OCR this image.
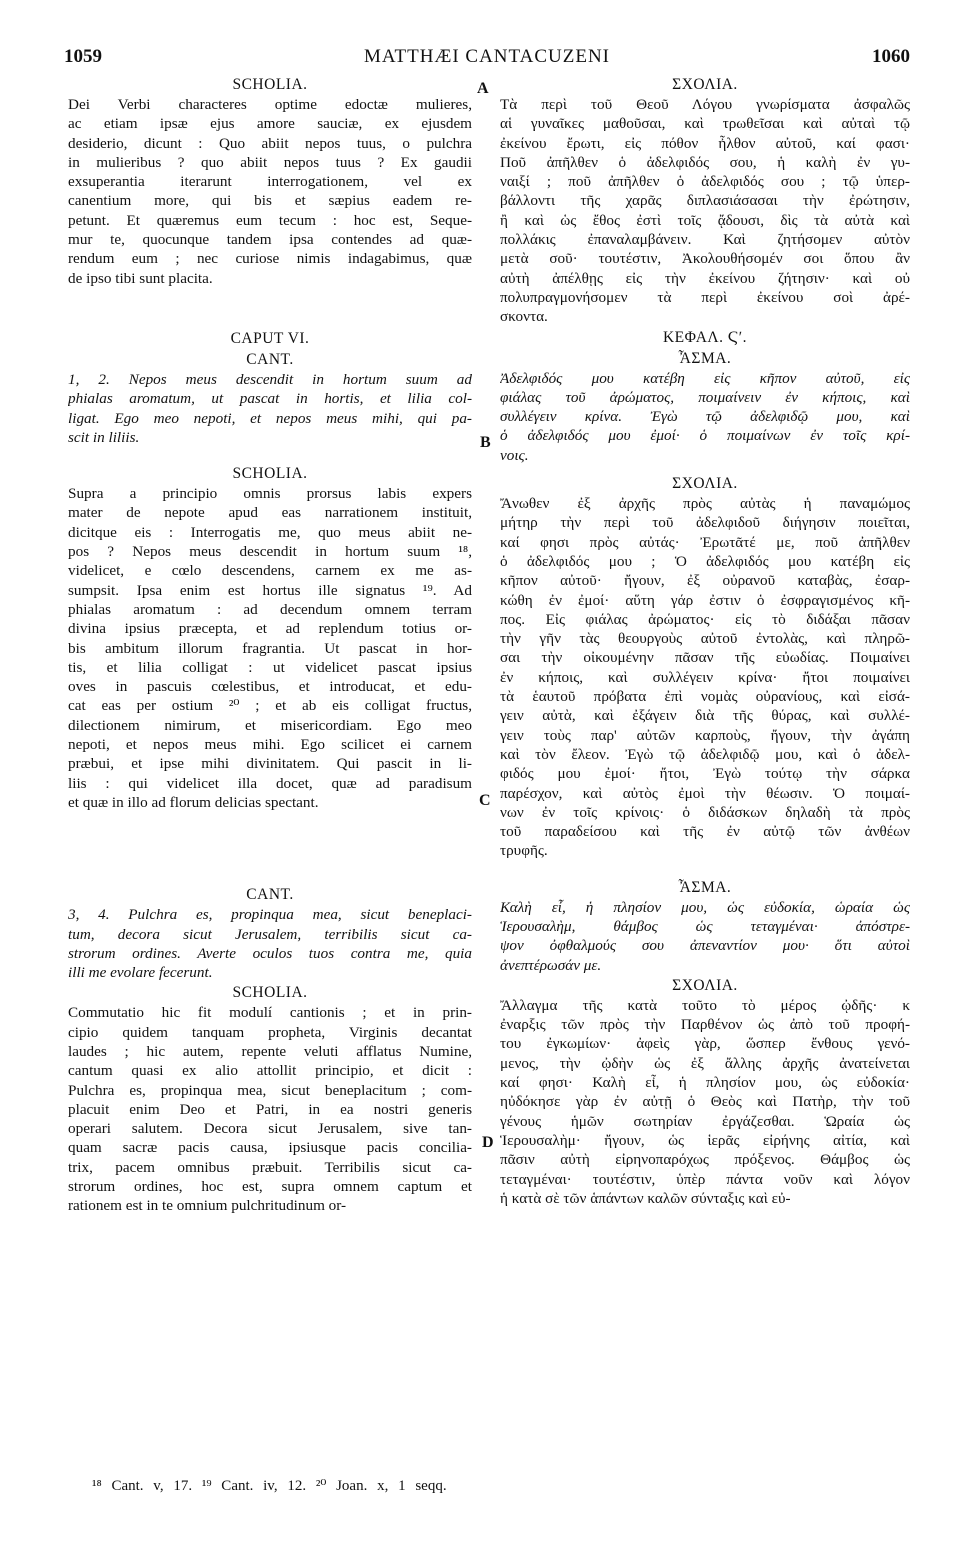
1059	MATTHÆI CANTACUZENI	1060
A
B
C
D
SCHOLIA.
Dei Verbi characteres optime edoctæ mulieres,
ac etiam ipsæ ejus amore sauciæ, ex ejusdem
desiderio, dicunt : Quo abiit nepos tuus, o pulchra
in mulieribus ? quo abiit nepos tuus ? Ex gaudii
exsuperantia iterarunt interrogationem, vel ex
canentium more, qui bis et sæpius eadem re-
petunt. Et quæremus eum tecum : hoc est, Seque-
mur te, quocunque tandem ipsa contendes ad quæ-
rendum eum ; nec curiose nimis indagabimus, quæ
de ipso tibi sunt placita.
CAPUT VI.
CANT.
1, 2. Nepos meus descendit in hortum suum ad
phialas aromatum, ut pascat in hortis, et lilia col-
ligat. Ego meo nepoti, et nepos meus mihi, qui pa-
scit in liliis.
SCHOLIA.
Supra a principio omnis prorsus labis expers
mater de nepote apud eas narrationem instituit,
dicitque eis : Interrogatis me, quo meus abiit ne-
pos ? Nepos meus descendit in hortum suum ¹⁸,
videlicet, e cœlo descendens, carnem ex me as-
sumpsit. Ipsa enim est hortus ille signatus ¹⁹. Ad
phialas aromatum : ad decendum omnem terram
divina ipsius præcepta, et ad replendum totius or-
bis ambitum illorum fragrantia. Ut pascat in hor-
tis, et lilia colligat : ut videlicet pascat ipsius
oves in pascuis cœlestibus, et introducat, et edu-
cat eas per ostium ²⁰ ; et ab eis colligat fructus,
dilectionem nimirum, et misericordiam. Ego meo
nepoti, et nepos meus mihi. Ego scilicet ei carnem
præbui, et ipse mihi divinitatem. Qui pascit in li-
liis : qui videlicet illa docet, quæ ad paradisum
et quæ in illo ad florum delicias spectant.
CANT.
3, 4. Pulchra es, propinqua mea, sicut beneplaci-
tum, decora sicut Jerusalem, terribilis sicut ca-
strorum ordines. Averte oculos tuos contra me, quia
illi me evolare fecerunt.
SCHOLIA.
Commutatio hic fit modulí cantionis ; et in prin-
cipio quidem tanquam propheta, Virginis decantat
laudes ; hic autem, repente veluti afflatus Numine,
cantum quasi ex alio attollit principio, et dicit :
Pulchra es, propinqua mea, sicut beneplacitum ; com-
placuit enim Deo et Patri, in ea nostri generis
operari salutem. Decora sicut Jerusalem, sive tan-
quam sacræ pacis causa, ipsiusque pacis concilia-
trix, pacem omnibus præbuit. Terribilis sicut ca-
strorum ordines, hoc est, supra omnem captum et
rationem est in te omnium pulchritudinum or-
ΣΧΟΛΙΑ.
Τὰ περὶ τοῦ Θεοῦ Λόγου γνωρίσματα ἀσφαλῶς
αἱ γυναῖκες μαθοῦσαι, καὶ τρωθεῖσαι καὶ αὐταὶ τῷ
ἐκείνου ἔρωτι, εἰς πόθον ἦλθον αὐτοῦ, καί φασι·
Ποῦ ἀπῆλθεν ὁ ἀδελφιδός σου, ἡ καλὴ ἐν γυ-
ναιξί ; ποῦ ἀπῆλθεν ὁ ἀδελφιδός σου ; τῷ ὑπερ-
βάλλοντι τῆς χαρᾶς διπλασιάσασαι τὴν ἐρώτησιν,
ἢ καὶ ὡς ἔθος ἐστὶ τοῖς ᾄδουσι, δὶς τὰ αὐτὰ καὶ
πολλάκις ἐπαναλαμβάνειν. Καὶ ζητήσομεν αὐτὸν
μετὰ σοῦ· τουτέστιν, Ἀκολουθήσομέν σοι ὅπου ἂν
αὐτὴ ἀπέλθῃς εἰς τὴν ἐκείνου ζήτησιν· καὶ οὐ
πολυπραγμονήσομεν τὰ περὶ ἐκείνου σοὶ ἀρέ-
σκοντα.
ΚΕΦΑΛ. Ϛʹ.
ἎΣΜΑ.
Ἀδελφιδός μου κατέβη εἰς κῆπον αὐτοῦ, εἰς
φιάλας τοῦ ἀρώματος, ποιμαίνειν ἐν κήποις, καὶ
συλλέγειν κρίνα. Ἐγὼ τῷ ἀδελφιδῷ μου, καὶ
ὁ ἀδελφιδός μου ἐμοί· ὁ ποιμαίνων ἐν τοῖς κρί-
νοις.
ΣΧΟΛΙΑ.
Ἄνωθεν ἐξ ἀρχῆς πρὸς αὐτὰς ἡ παναμώμος
μήτηρ τὴν περὶ τοῦ ἀδελφιδοῦ διήγησιν ποιεῖται,
καί φησι πρὸς αὐτάς· Ἐρωτᾶτέ με, ποῦ ἀπῆλθεν
ὁ ἀδελφιδός μου ; Ὁ ἀδελφιδός μου κατέβη εἰς
κῆπον αὐτοῦ· ἤγουν, ἐξ οὐρανοῦ καταβὰς, ἐσαρ-
κώθη ἐν ἐμοί· αὕτη γάρ ἐστιν ὁ ἐσφραγισμένος κῆ-
πος. Εἰς φιάλας ἀρώματος· εἰς τὸ διδάξαι πᾶσαν
τὴν γῆν τὰς θεουργοὺς αὐτοῦ ἐντολὰς, καὶ πληρῶ-
σαι τὴν οἰκουμένην πᾶσαν τῆς εὐωδίας. Ποιμαίνει
ἐν κήποις, καὶ συλλέγειν κρίνα· ἤτοι ποιμαίνει
τὰ ἑαυτοῦ πρόβατα ἐπὶ νομὰς οὐρανίους, καὶ εἰσά-
γειν αὐτὰ, καὶ ἐξάγειν διὰ τῆς θύρας, καὶ συλλέ-
γειν τοὺς παρ' αὐτῶν καρποὺς, ἤγουν, τὴν ἀγάπη
καὶ τὸν ἔλεον. Ἐγὼ τῷ ἀδελφιδῷ μου, καὶ ὁ ἀδελ-
φιδός μου ἐμοί· ἤτοι, Ἐγὼ τούτῳ τὴν σάρκα
παρέσχον, καὶ αὐτὸς ἐμοὶ τὴν θέωσιν. Ὁ ποιμαί-
νων ἐν τοῖς κρίνοις· ὁ διδάσκων δηλαδὴ τὰ πρὸς
τοῦ παραδείσου καὶ τῆς ἐν αὐτῷ τῶν ἀνθέων
τρυφῆς.
ἎΣΜΑ.
Καλὴ εἶ, ἡ πλησίον μου, ὡς εὐδοκία, ὡραία ὡς
Ἱερουσαλὴμ, θάμβος ὡς τεταγμέναι· ἀπόστρε-
ψον ὀφθαλμούς σου ἀπεναντίον μου· ὅτι αὐτοὶ
ἀνεπτέρωσάν με.
ΣΧΟΛΙΑ.
Ἄλλαγμα τῆς κατὰ τοῦτο τὸ μέρος ᾠδῆς· κ
ἐναρξις τῶν πρὸς τὴν Παρθένον ὡς ἀπὸ τοῦ προφή-
του ἐγκωμίων· ἀφεὶς γὰρ, ὥσπερ ἔνθους γενό-
μενος, τὴν ᾠδὴν ὡς ἐξ ἄλλης ἀρχῆς ἀνατείνεται
καί φησι· Καλὴ εἶ, ἡ πλησίον μου, ὡς εὐδοκία·
ηὐδόκησε γὰρ ἐν αὐτῇ ὁ Θεὸς καὶ Πατὴρ, τὴν τοῦ
γένους ἡμῶν σωτηρίαν ἐργάζεσθαι. Ὡραία ὡς
Ἱερουσαλὴμ· ἤγουν, ὡς ἱερᾶς εἰρήνης αἰτία, καὶ
πᾶσιν αὐτὴ εἰρηνοπαρόχως πρόξενος. Θάμβος ὡς
τεταγμέναι· τουτέστιν, ὑπὲρ πάντα νοῦν καὶ λόγον
ἡ κατὰ σὲ τῶν ἁπάντων καλῶν σύνταξις καὶ εὐ-
¹⁸ Cant. v, 17. ¹⁹ Cant. iv, 12. ²⁰ Joan. x, 1 seqq.
